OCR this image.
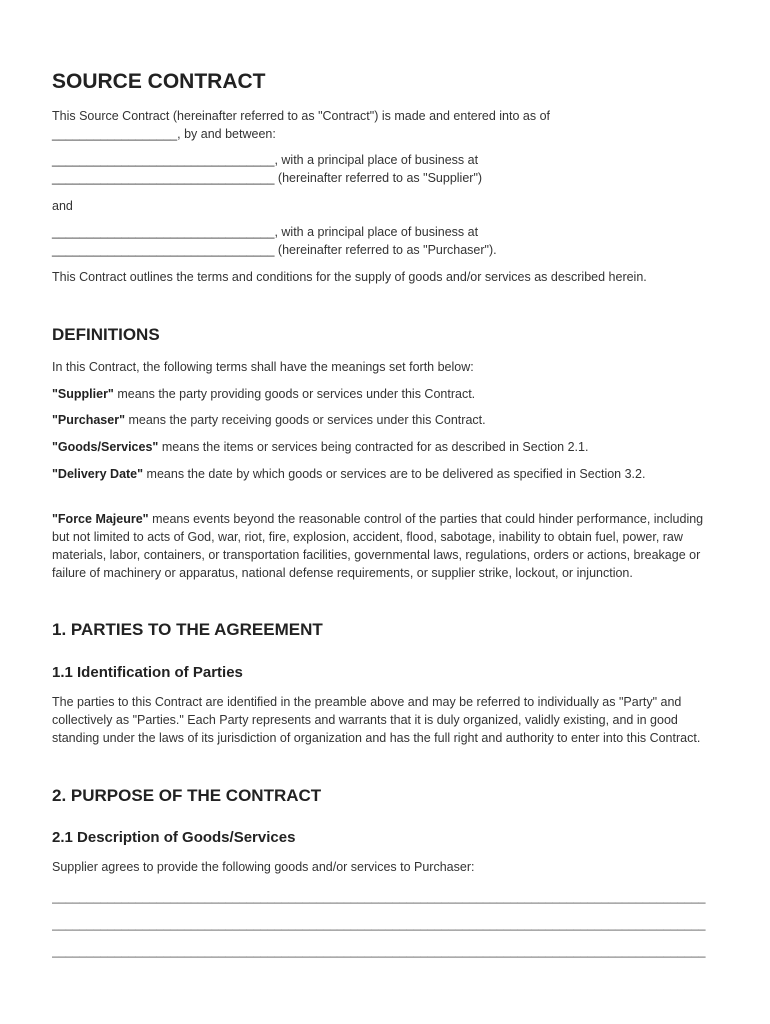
SOURCE CONTRACT

This Source Contract (hereinafter referred to as "Contract") is made and entered into as of
__________________, by and between:

________________________________, with a principal place of business at
________________________________ (hereinafter referred to as "Supplier")

and

________________________________, with a principal place of business at
________________________________ (hereinafter referred to as "Purchaser").

This Contract outlines the terms and conditions for the supply of goods and/or services as described herein.

DEFINITIONS

In this Contract, the following terms shall have the meanings set forth below:

"Supplier" means the party providing goods or services under this Contract.

"Purchaser" means the party receiving goods or services under this Contract.

"Goods/Services" means the items or services being contracted for as described in Section 2.1.

"Delivery Date" means the date by which goods or services are to be delivered as specified in Section 3.2.

"Force Majeure" means events beyond the reasonable control of the parties that could hinder performance, including but not limited to acts of God, war, riot, fire, explosion, accident, flood, sabotage, inability to obtain fuel, power, raw materials, labor, containers, or transportation facilities, governmental laws, regulations, orders or actions, breakage or failure of machinery or apparatus, national defense requirements, or supplier strike, lockout, or injunction.

1. PARTIES TO THE AGREEMENT
1.1 Identification of Parties

The parties to this Contract are identified in the preamble above and may be referred to individually as "Party" and collectively as "Parties." Each Party represents and warrants that it is duly organized, validly existing, and in good standing under the laws of its jurisdiction of organization and has the full right and authority to enter into this Contract.

2. PURPOSE OF THE CONTRACT
2.1 Description of Goods/Services

Supplier agrees to provide the following goods and/or services to Purchaser:

______________________________________________________________________________________________
______________________________________________________________________________________________
______________________________________________________________________________________________
